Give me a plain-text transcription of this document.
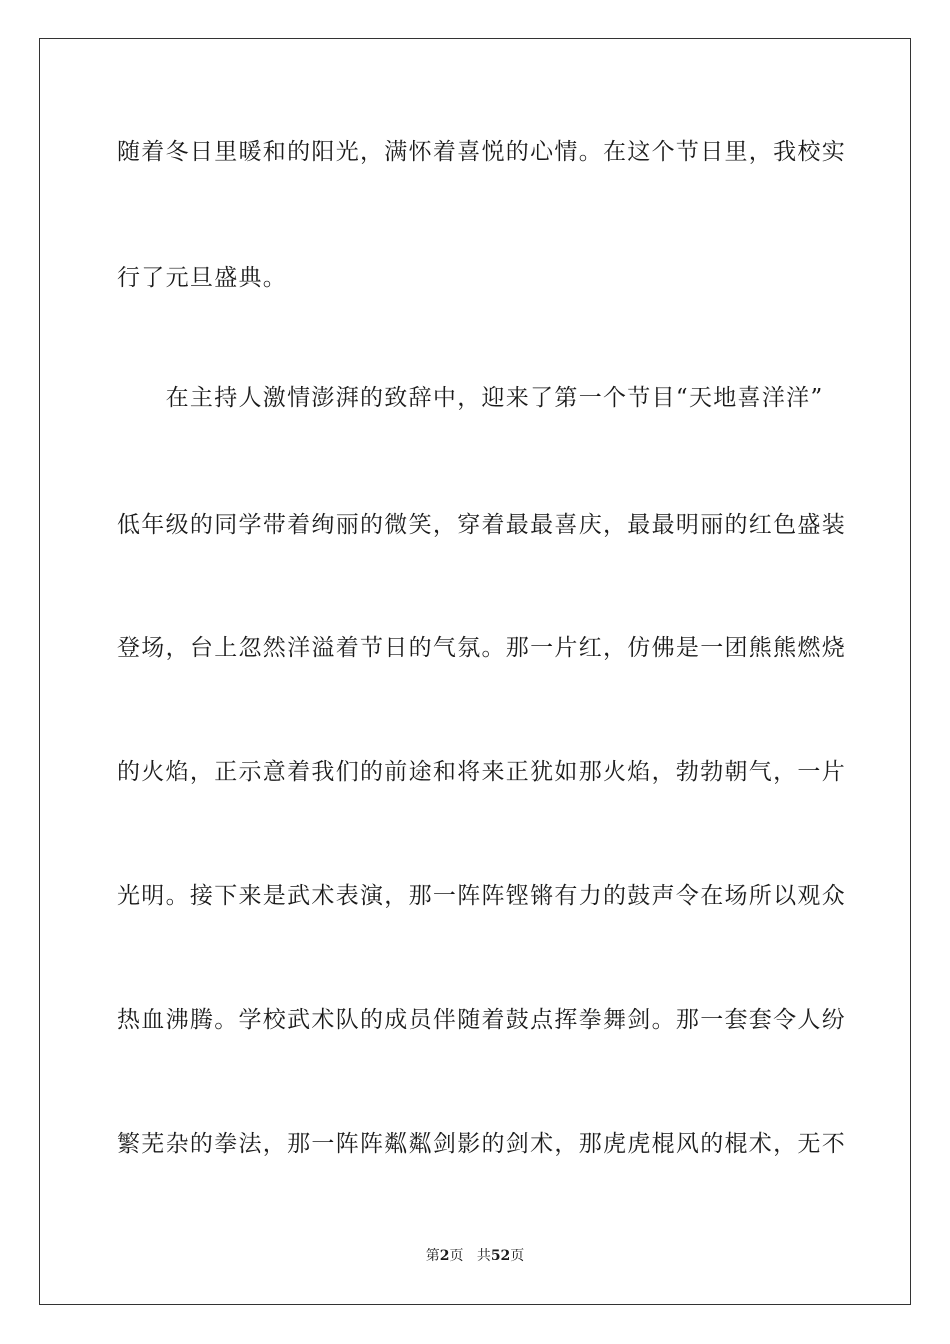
随着冬日里暖和的阳光，满怀着喜悦的心情。在这个节日里，我校实
行了元旦盛典。
　　在主持人激情澎湃的致辞中，迎来了第一个节目“天地喜洋洋”
低年级的同学带着绚丽的微笑，穿着最最喜庆，最最明丽的红色盛装
登场，台上忽然洋溢着节日的气氛。那一片红，仿佛是一团熊熊燃烧
的火焰，正示意着我们的前途和将来正犹如那火焰，勃勃朝气，一片
光明。接下来是武术表演，那一阵阵铿锵有力的鼓声令在场所以观众
热血沸腾。学校武术队的成员伴随着鼓点挥拳舞剑。那一套套令人纷
繁芜杂的拳法，那一阵阵粼粼剑影的剑术，那虎虎棍风的棍术，无不
第2页 共52页
